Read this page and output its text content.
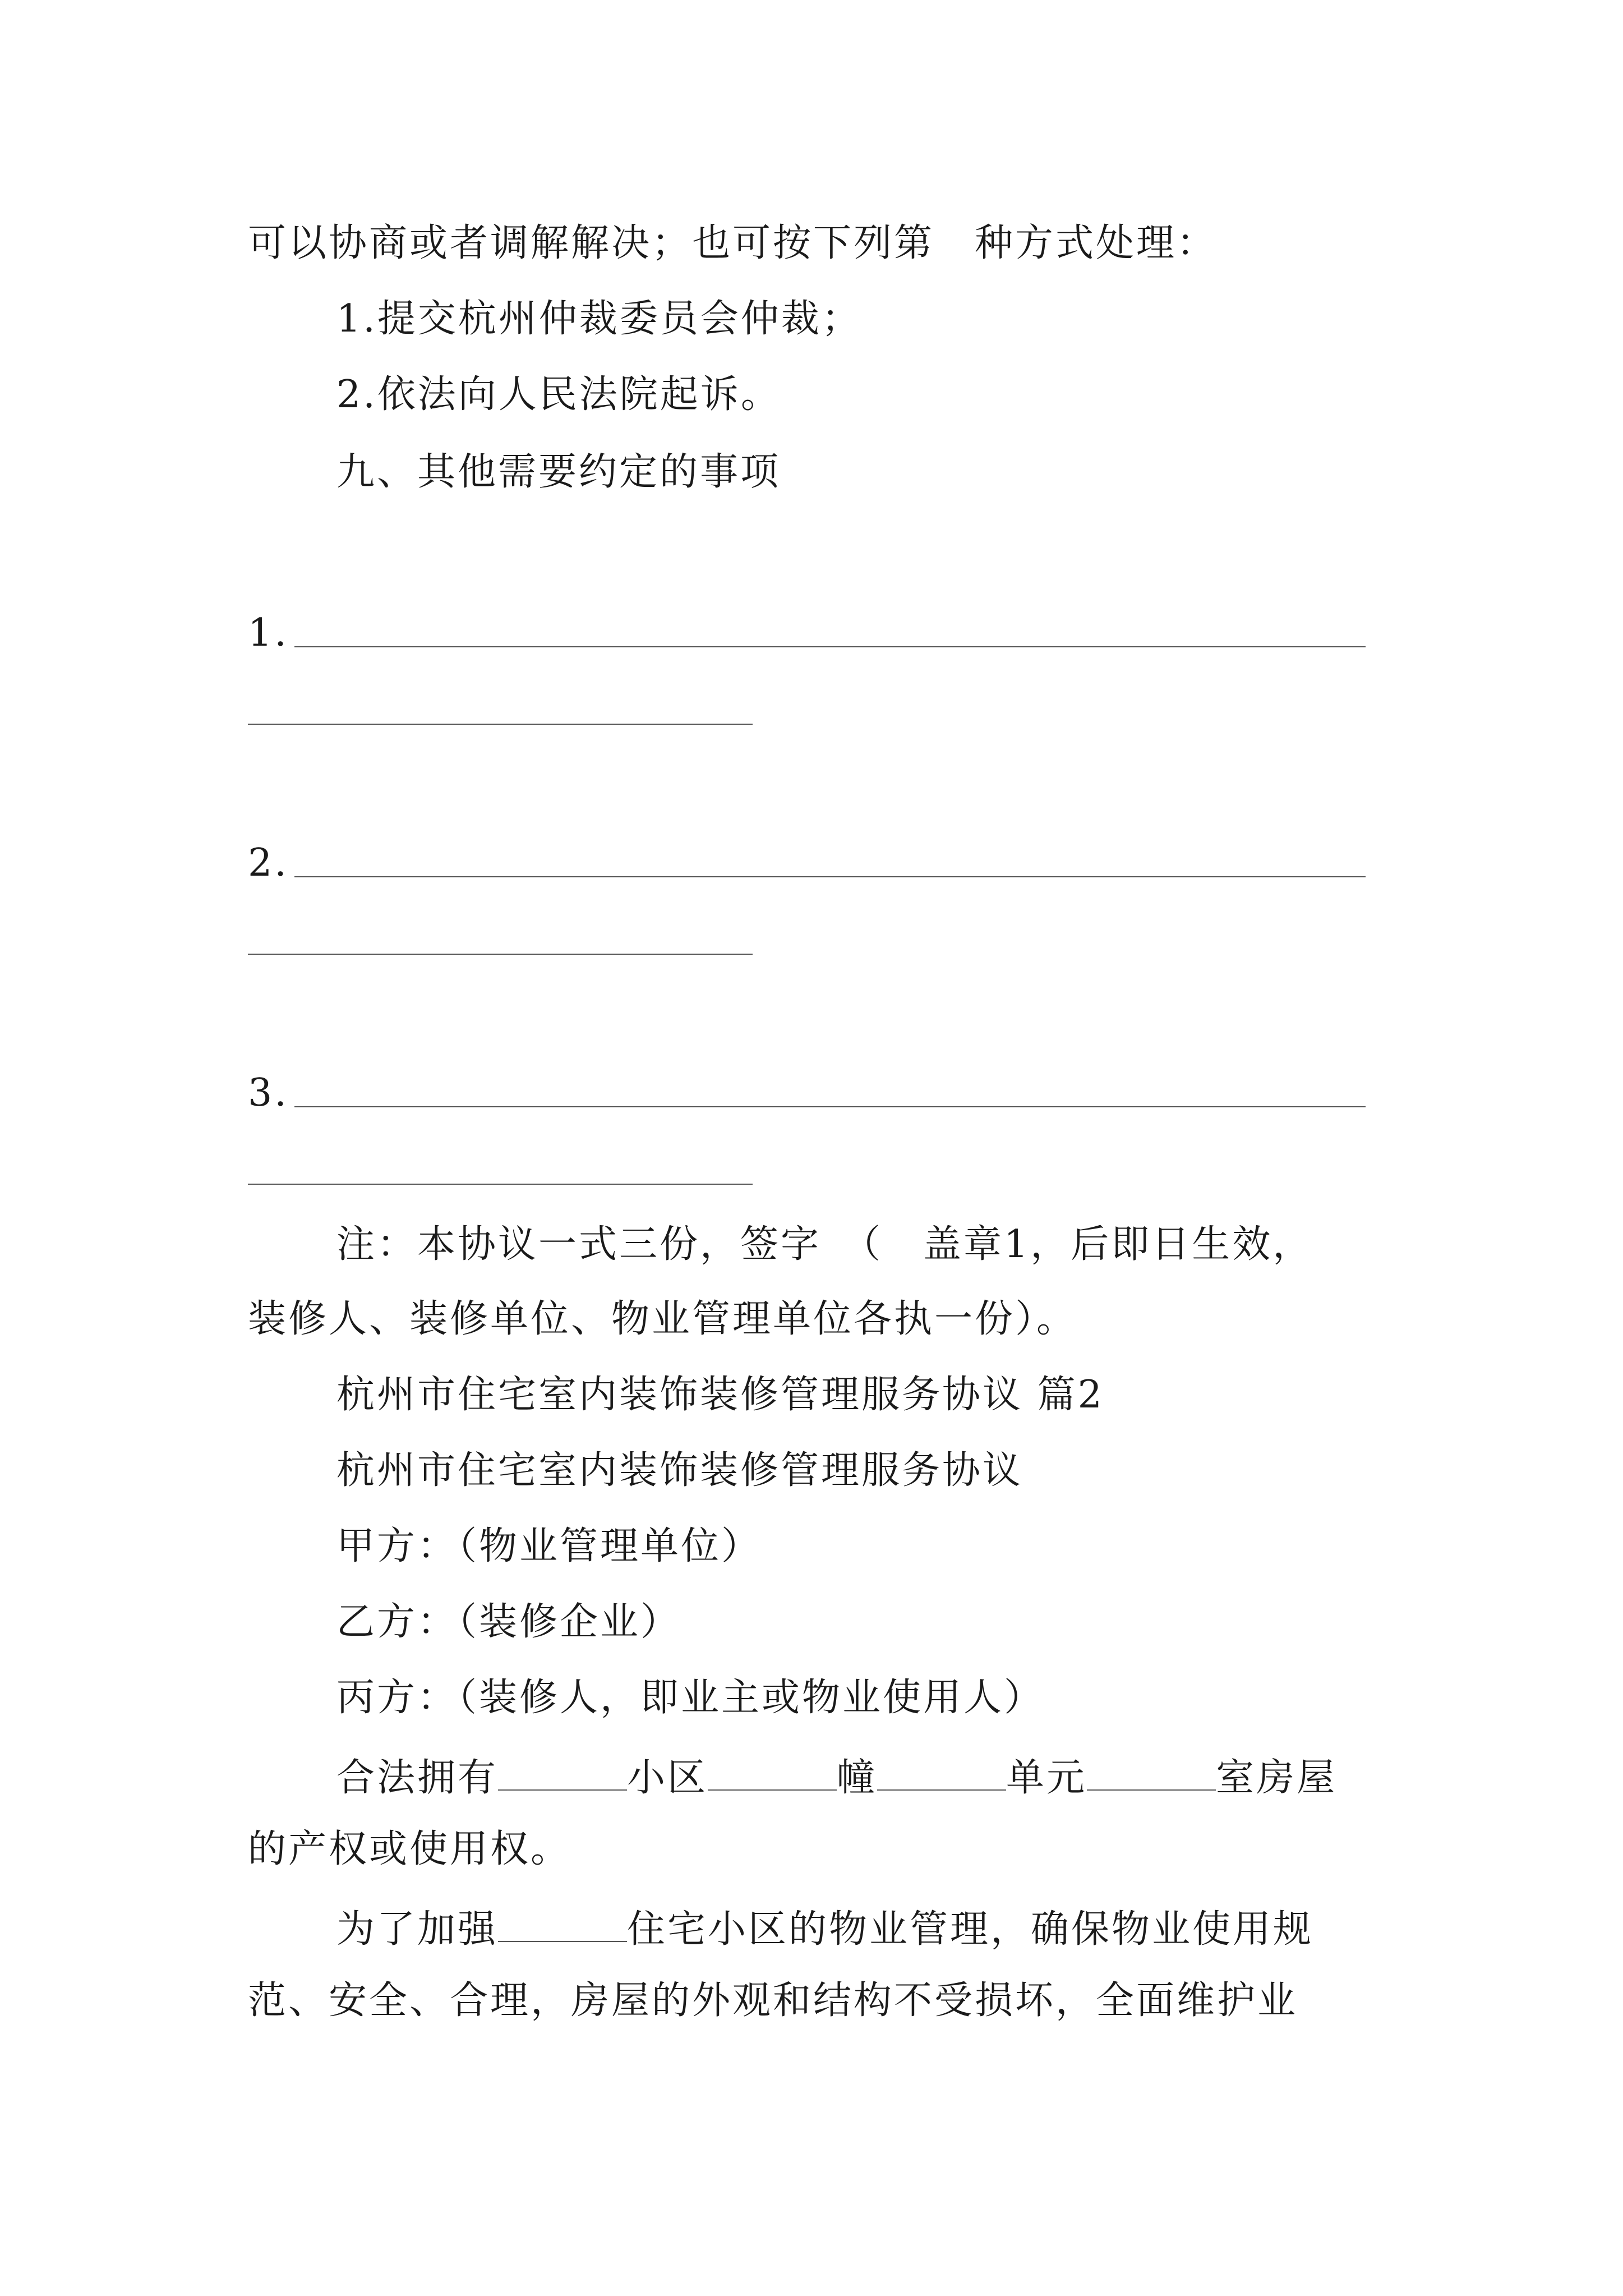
可以协商或者调解解决；也可按下列第　种方式处理：
1.提交杭州仲裁委员会仲裁；
2.依法向人民法院起诉。
九、其他需要约定的事项
1.
2.
3.
注：本协议一式三份，签字　（　盖章1，后即日生效，
装修人、装修单位、物业管理单位各执一份）。
杭州市住宅室内装饰装修管理服务协议 篇2
杭州市住宅室内装饰装修管理服务协议
甲方：（物业管理单位）
乙方：（装修企业）
丙方：（装修人，即业主或物业使用人）
合法拥有	小区	幢	单元	室房屋
的产权或使用权。
为了加强	住宅小区的物业管理，确保物业使用规
范、安全、合理，房屋的外观和结构不受损坏，全面维护业
